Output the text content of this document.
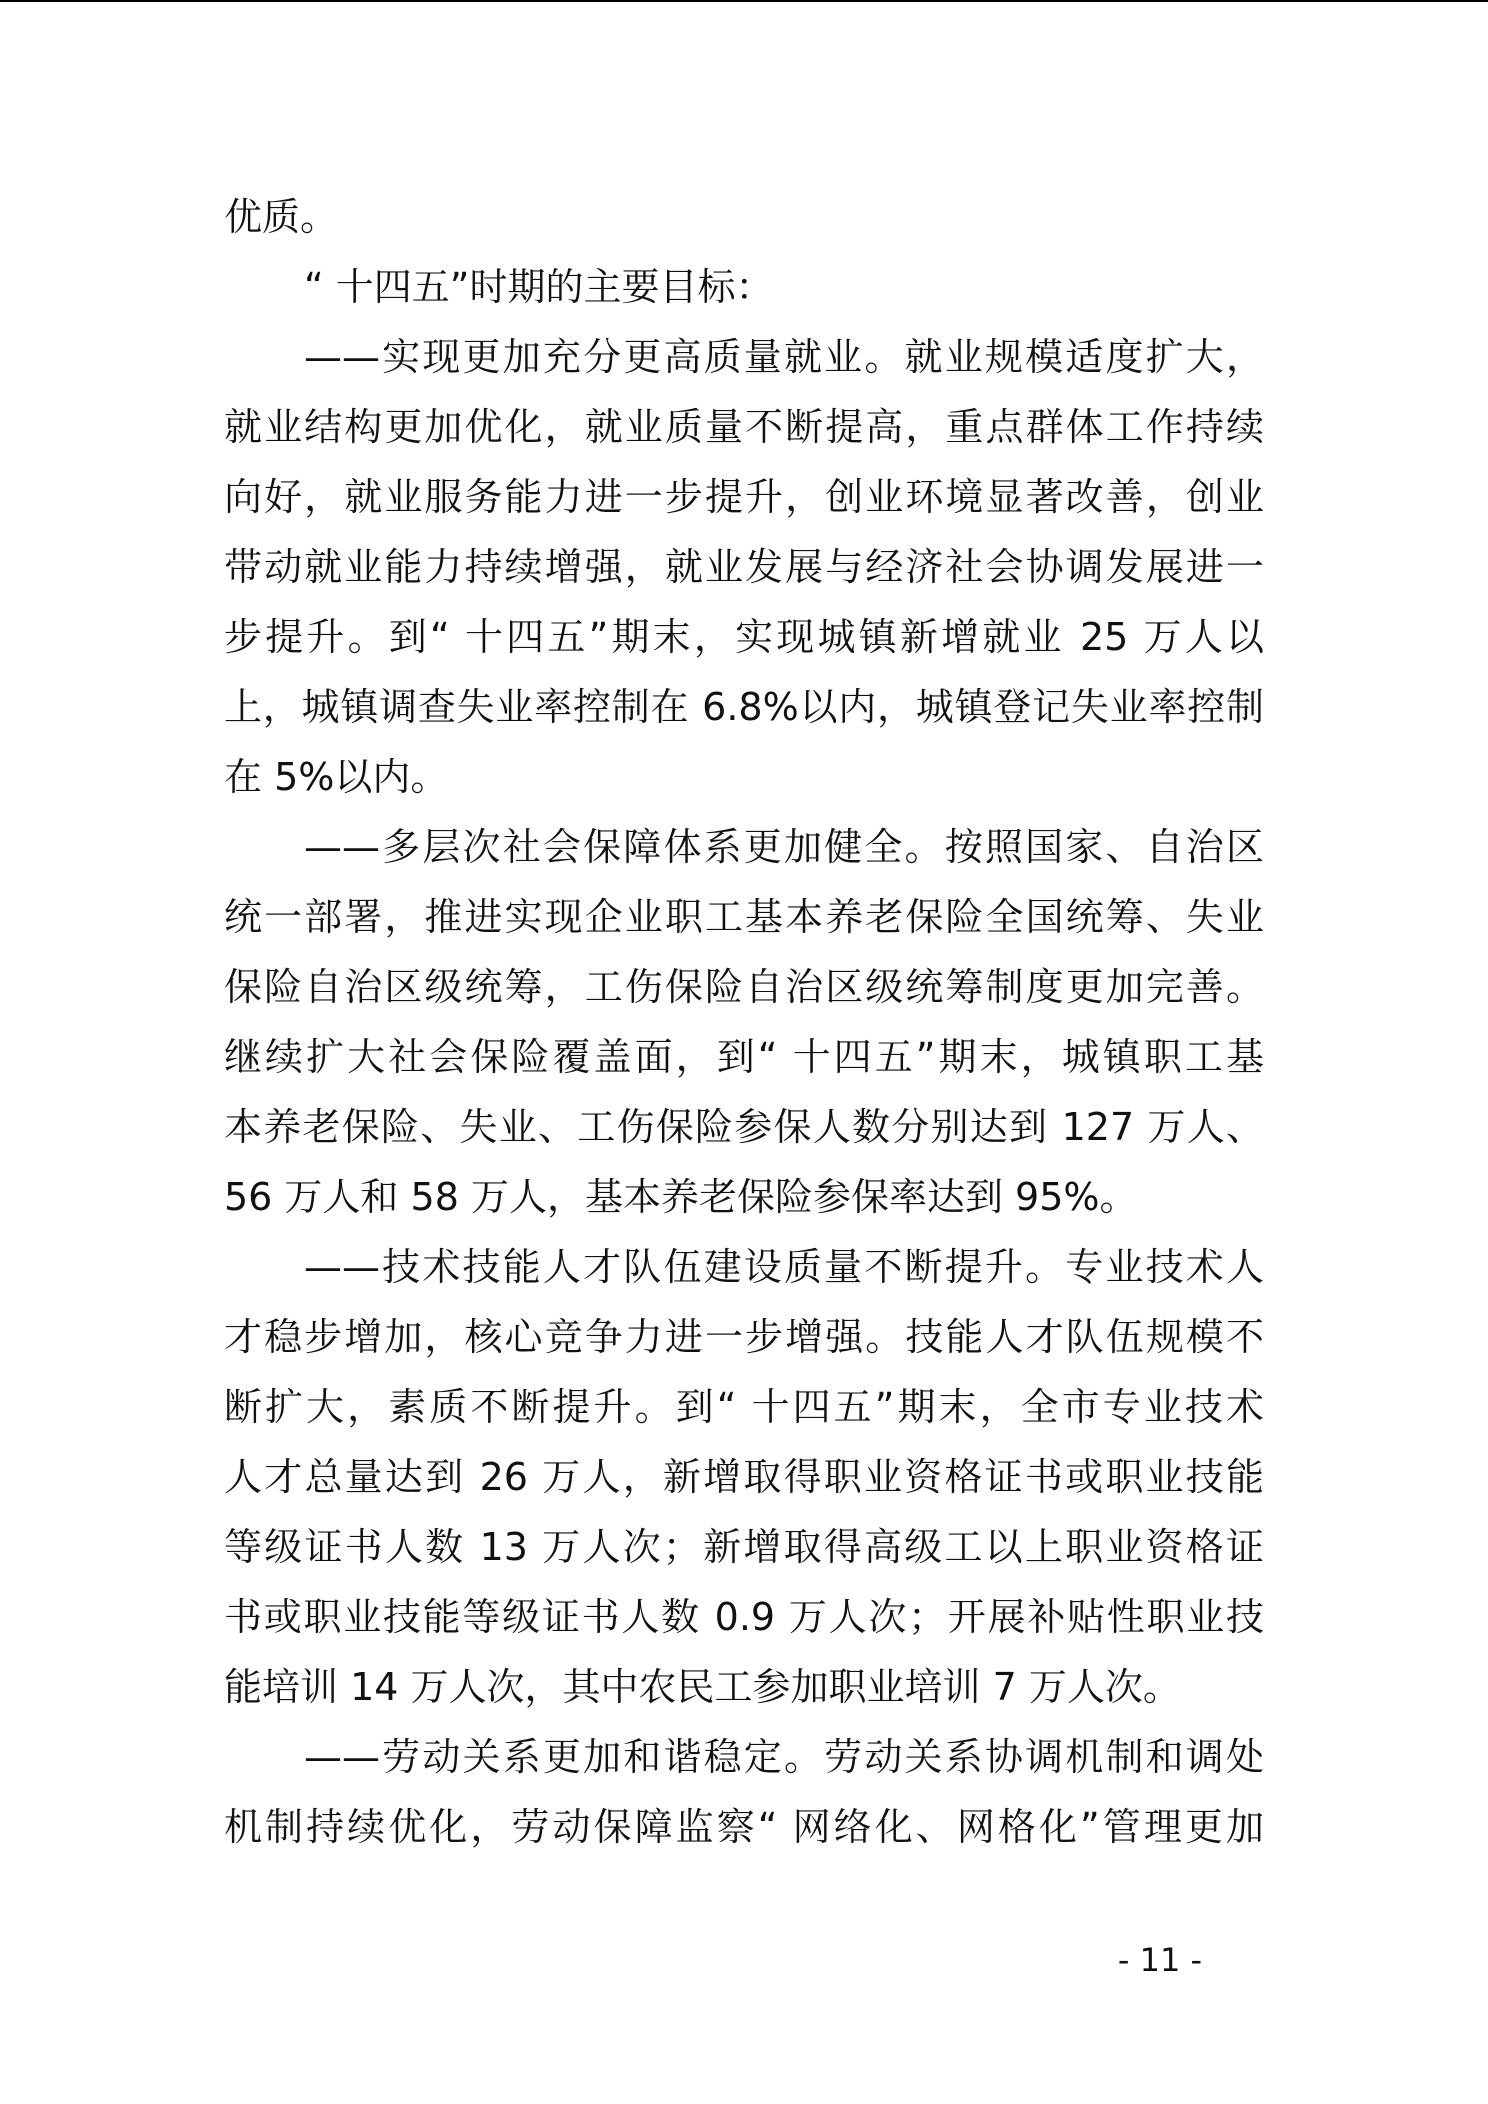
优质。

“ 十四五”时期的主要目标：

——实现更加充分更高质量就业。就业规模适度扩大，

就业结构更加优化，就业质量不断提高，重点群体工作持续

向好，就业服务能力进一步提升，创业环境显著改善，创业

带动就业能力持续增强，就业发展与经济社会协调发展进一

步提升。到“ 十四五”期末，实现城镇新增就业 25 万人以

上，城镇调查失业率控制在 6.8%以内，城镇登记失业率控制

在 5%以内。

——多层次社会保障体系更加健全。按照国家、自治区

统一部署，推进实现企业职工基本养老保险全国统筹、失业

保险自治区级统筹，工伤保险自治区级统筹制度更加完善。

继续扩大社会保险覆盖面，到“ 十四五”期末，城镇职工基

本养老保险、失业、工伤保险参保人数分别达到 127 万人、

56 万人和 58 万人，基本养老保险参保率达到 95%。

——技术技能人才队伍建设质量不断提升。专业技术人

才稳步增加，核心竞争力进一步增强。技能人才队伍规模不

断扩大，素质不断提升。到“ 十四五”期末，全市专业技术

人才总量达到 26 万人，新增取得职业资格证书或职业技能

等级证书人数 13 万人次；新增取得高级工以上职业资格证

书或职业技能等级证书人数 0.9 万人次；开展补贴性职业技

能培训 14 万人次，其中农民工参加职业培训 7 万人次。

——劳动关系更加和谐稳定。劳动关系协调机制和调处

机制持续优化，劳动保障监察“ 网络化、网格化”管理更加

- 11 -
